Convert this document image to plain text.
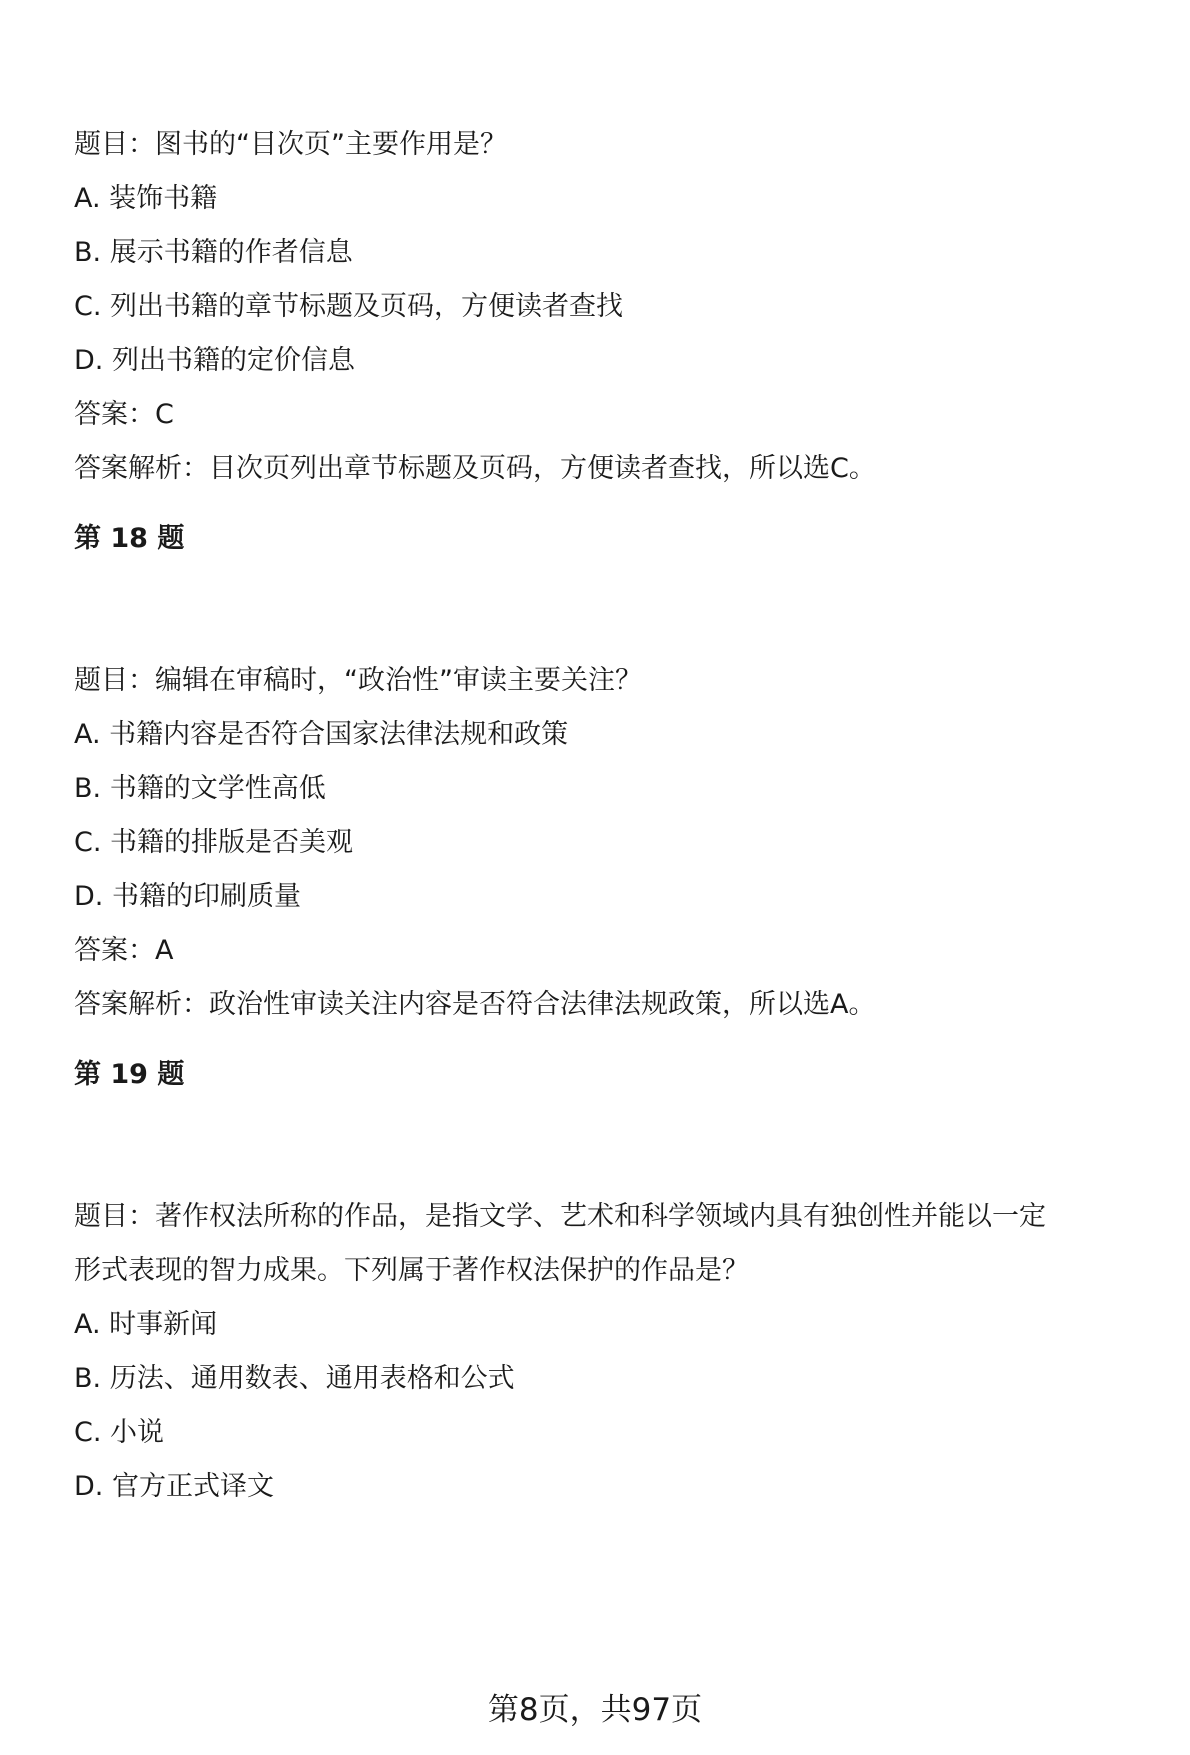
题目：图书的“目次页”主要作用是？
A. 装饰书籍
B. 展示书籍的作者信息
C. 列出书籍的章节标题及页码，方便读者查找
D. 列出书籍的定价信息
答案：C
答案解析：目次页列出章节标题及页码，方便读者查找，所以选C。
第 18 题
题目：编辑在审稿时，“政治性”审读主要关注？
A. 书籍内容是否符合国家法律法规和政策
B. 书籍的文学性高低
C. 书籍的排版是否美观
D. 书籍的印刷质量
答案：A
答案解析：政治性审读关注内容是否符合法律法规政策，所以选A。
第 19 题
题目：著作权法所称的作品，是指文学、艺术和科学领域内具有独创性并能以一定
形式表现的智力成果。下列属于著作权法保护的作品是？
A. 时事新闻
B. 历法、通用数表、通用表格和公式
C. 小说
D. 官方正式译文
第8页，共97页
